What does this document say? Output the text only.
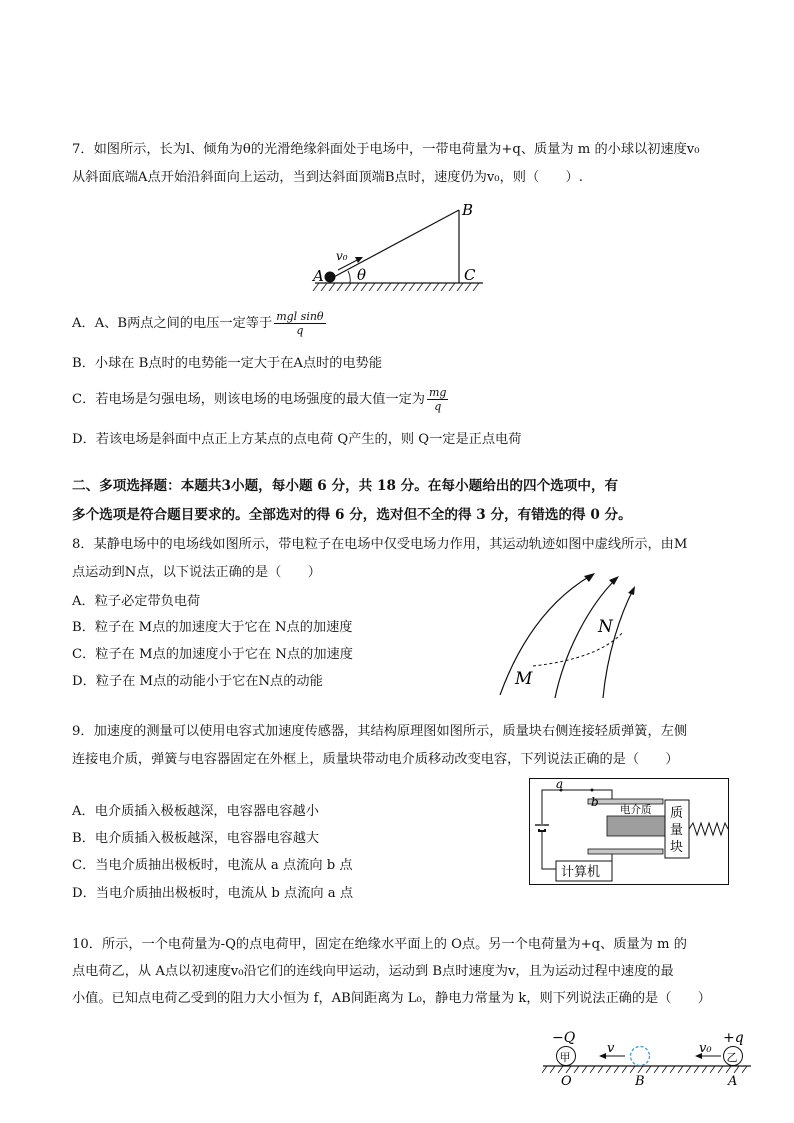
7．如图所示，长为l、倾角为θ的光滑绝缘斜面处于电场中，一带电荷量为+q、质量为 m 的小球以初速度v₀
从斜面底端A点开始沿斜面向上运动，当到达斜面顶端B点时，速度仍为v₀，则（　　）.
A
B
C
θ
v₀
A．A、B两点之间的电压一定等于 $\frac{\text{mgl sinθ}}{q}$
B．小球在 B点时的电势能一定大于在A点时的电势能
C．若电场是匀强电场，则该电场的电场强度的最大值一定为 $\frac{mg}{q}$
D．若该电场是斜面中点正上方某点的点电荷 Q产生的，则 Q一定是正点电荷
二、多项选择题：本题共3小题，每小题 6 分，共 18 分。在每小题给出的四个选项中，有
多个选项是符合题目要求的。全部选对的得 6 分，选对但不全的得 3 分，有错选的得 0 分。
8．某静电场中的电场线如图所示，带电粒子在电场中仅受电场力作用，其运动轨迹如图中虚线所示，由M
点运动到N点，以下说法正确的是（　　）
A．粒子必定带负电荷
B．粒子在 M点的加速度大于它在 N点的加速度
C．粒子在 M点的加速度小于它在 N点的加速度
D．粒子在 M点的动能小于它在N点的动能	M
N
9．加速度的测量可以使用电容式加速度传感器，其结构原理图如图所示，质量块右侧连接轻质弹簧，左侧
连接电介质，弹簧与电容器固定在外框上，质量块带动电介质移动改变电容，下列说法正确的是（　　）
A．电介质插入极板越深，电容器电容越小
B．电介质插入极板越深，电容器电容越大
C．当电介质抽出极板时，电流从 a 点流向 b 点
D．当电介质抽出极板时，电流从 b 点流向 a 点
a
b
电介质 质
量
块
计算机
10．所示，一个电荷量为-Q的点电荷甲，固定在绝缘水平面上的 O点。另一个电荷量为+q、质量为 m 的
点电荷乙，从 A点以初速度v₀沿它们的连线向甲运动，运动到 B点时速度为v，且为运动过程中速度的最
小值。已知点电荷乙受到的阻力大小恒为 f，AB间距离为 L₀，静电力常量为 k，则下列说法正确的是（　　）
−Q	+q
甲	乙
v	v₀
O	B	A
